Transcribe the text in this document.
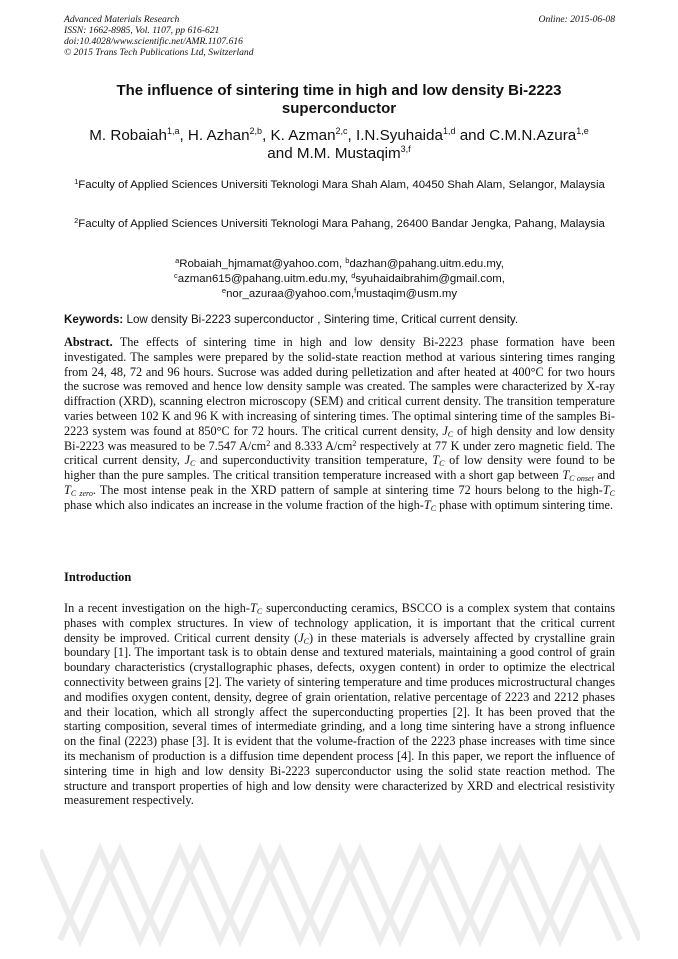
Advanced Materials Research
ISSN: 1662-8985, Vol. 1107, pp 616-621
doi:10.4028/www.scientific.net/AMR.1107.616
© 2015 Trans Tech Publications Ltd, Switzerland
Online: 2015-06-08
The influence of sintering time in high and low density Bi-2223
superconductor
M. Robaiah$^{1,a}$, H. Azhan$^{2,b}$, K. Azman$^{2,c}$, I.N.Syuhaida$^{1,d}$ and C.M.N.Azura$^{1,e}$
and M.M. Mustaqim$^{3,f}$
$^1$Faculty of Applied Sciences Universiti Teknologi Mara Shah Alam, 40450 Shah Alam, Selangor, Malaysia
$^2$Faculty of Applied Sciences Universiti Teknologi Mara Pahang, 26400 Bandar Jengka, Pahang, Malaysia
$^a$Robaiah_hjmamat@yahoo.com, $^b$dazhan@pahang.uitm.edu.my,
$^c$azman615@pahang.uitm.edu.my, $^d$syuhaidaibrahim@gmail.com,
$^e$nor_azuraa@yahoo.com,$^f$mustaqim@usm.my
Keywords: Low density Bi-2223 superconductor , Sintering time, Critical current density.
Abstract. The effects of sintering time in high and low density Bi-2223 phase formation have been investigated. The samples were prepared by the solid-state reaction method at various sintering times ranging from 24, 48, 72 and 96 hours. Sucrose was added during pelletization and after heated at 400°C for two hours the sucrose was removed and hence low density sample was created. The samples were characterized by X-ray diffraction (XRD), scanning electron microscopy (SEM) and critical current density. The transition temperature varies between 102 K and 96 K with increasing of sintering times. The optimal sintering time of the samples Bi-2223 system was found at 850°C for 72 hours. The critical current density, $J_C$ of high density and low density Bi-2223 was measured to be 7.547 $A/cm^2$ and 8.333 $A/cm^2$ respectively at 77 K under zero magnetic field. The critical current density, $J_C$ and superconductivity transition temperature, $T_C$ of low density were found to be higher than the pure samples. The critical transition temperature increased with a short gap between $T_{C onset}$ and $T_{C zero}$. The most intense peak in the XRD pattern of sample at sintering time 72 hours belong to the high-$T_C$ phase which also indicates an increase in the volume fraction of the high-$T_C$ phase with optimum sintering time.
Introduction
In a recent investigation on the high-$T_C$ superconducting ceramics, BSCCO is a complex system that contains phases with complex structures. In view of technology application, it is important that the critical current density be improved. Critical current density $(J_C)$ in these materials is adversely affected by crystalline grain boundary [1]. The important task is to obtain dense and textured materials, maintaining a good control of grain boundary characteristics (crystallographic phases, defects, oxygen content) in order to optimize the electrical connectivity between grains [2]. The variety of sintering temperature and time produces microstructural changes and modifies oxygen content, density, degree of grain orientation, relative percentage of 2223 and 2212 phases and their location, which all strongly affect the superconducting properties [2]. It has been proved that the starting composition, several times of intermediate grinding, and a long time sintering have a strong influence on the final (2223) phase [3]. It is evident that the volume-fraction of the 2223 phase increases with time since its mechanism of production is a diffusion time dependent process [4]. In this paper, we report the influence of sintering time in high and low density Bi-2223 superconductor using the solid state reaction method. The structure and transport properties of high and low density were characterized by XRD and electrical resistivity measurement respectively.
